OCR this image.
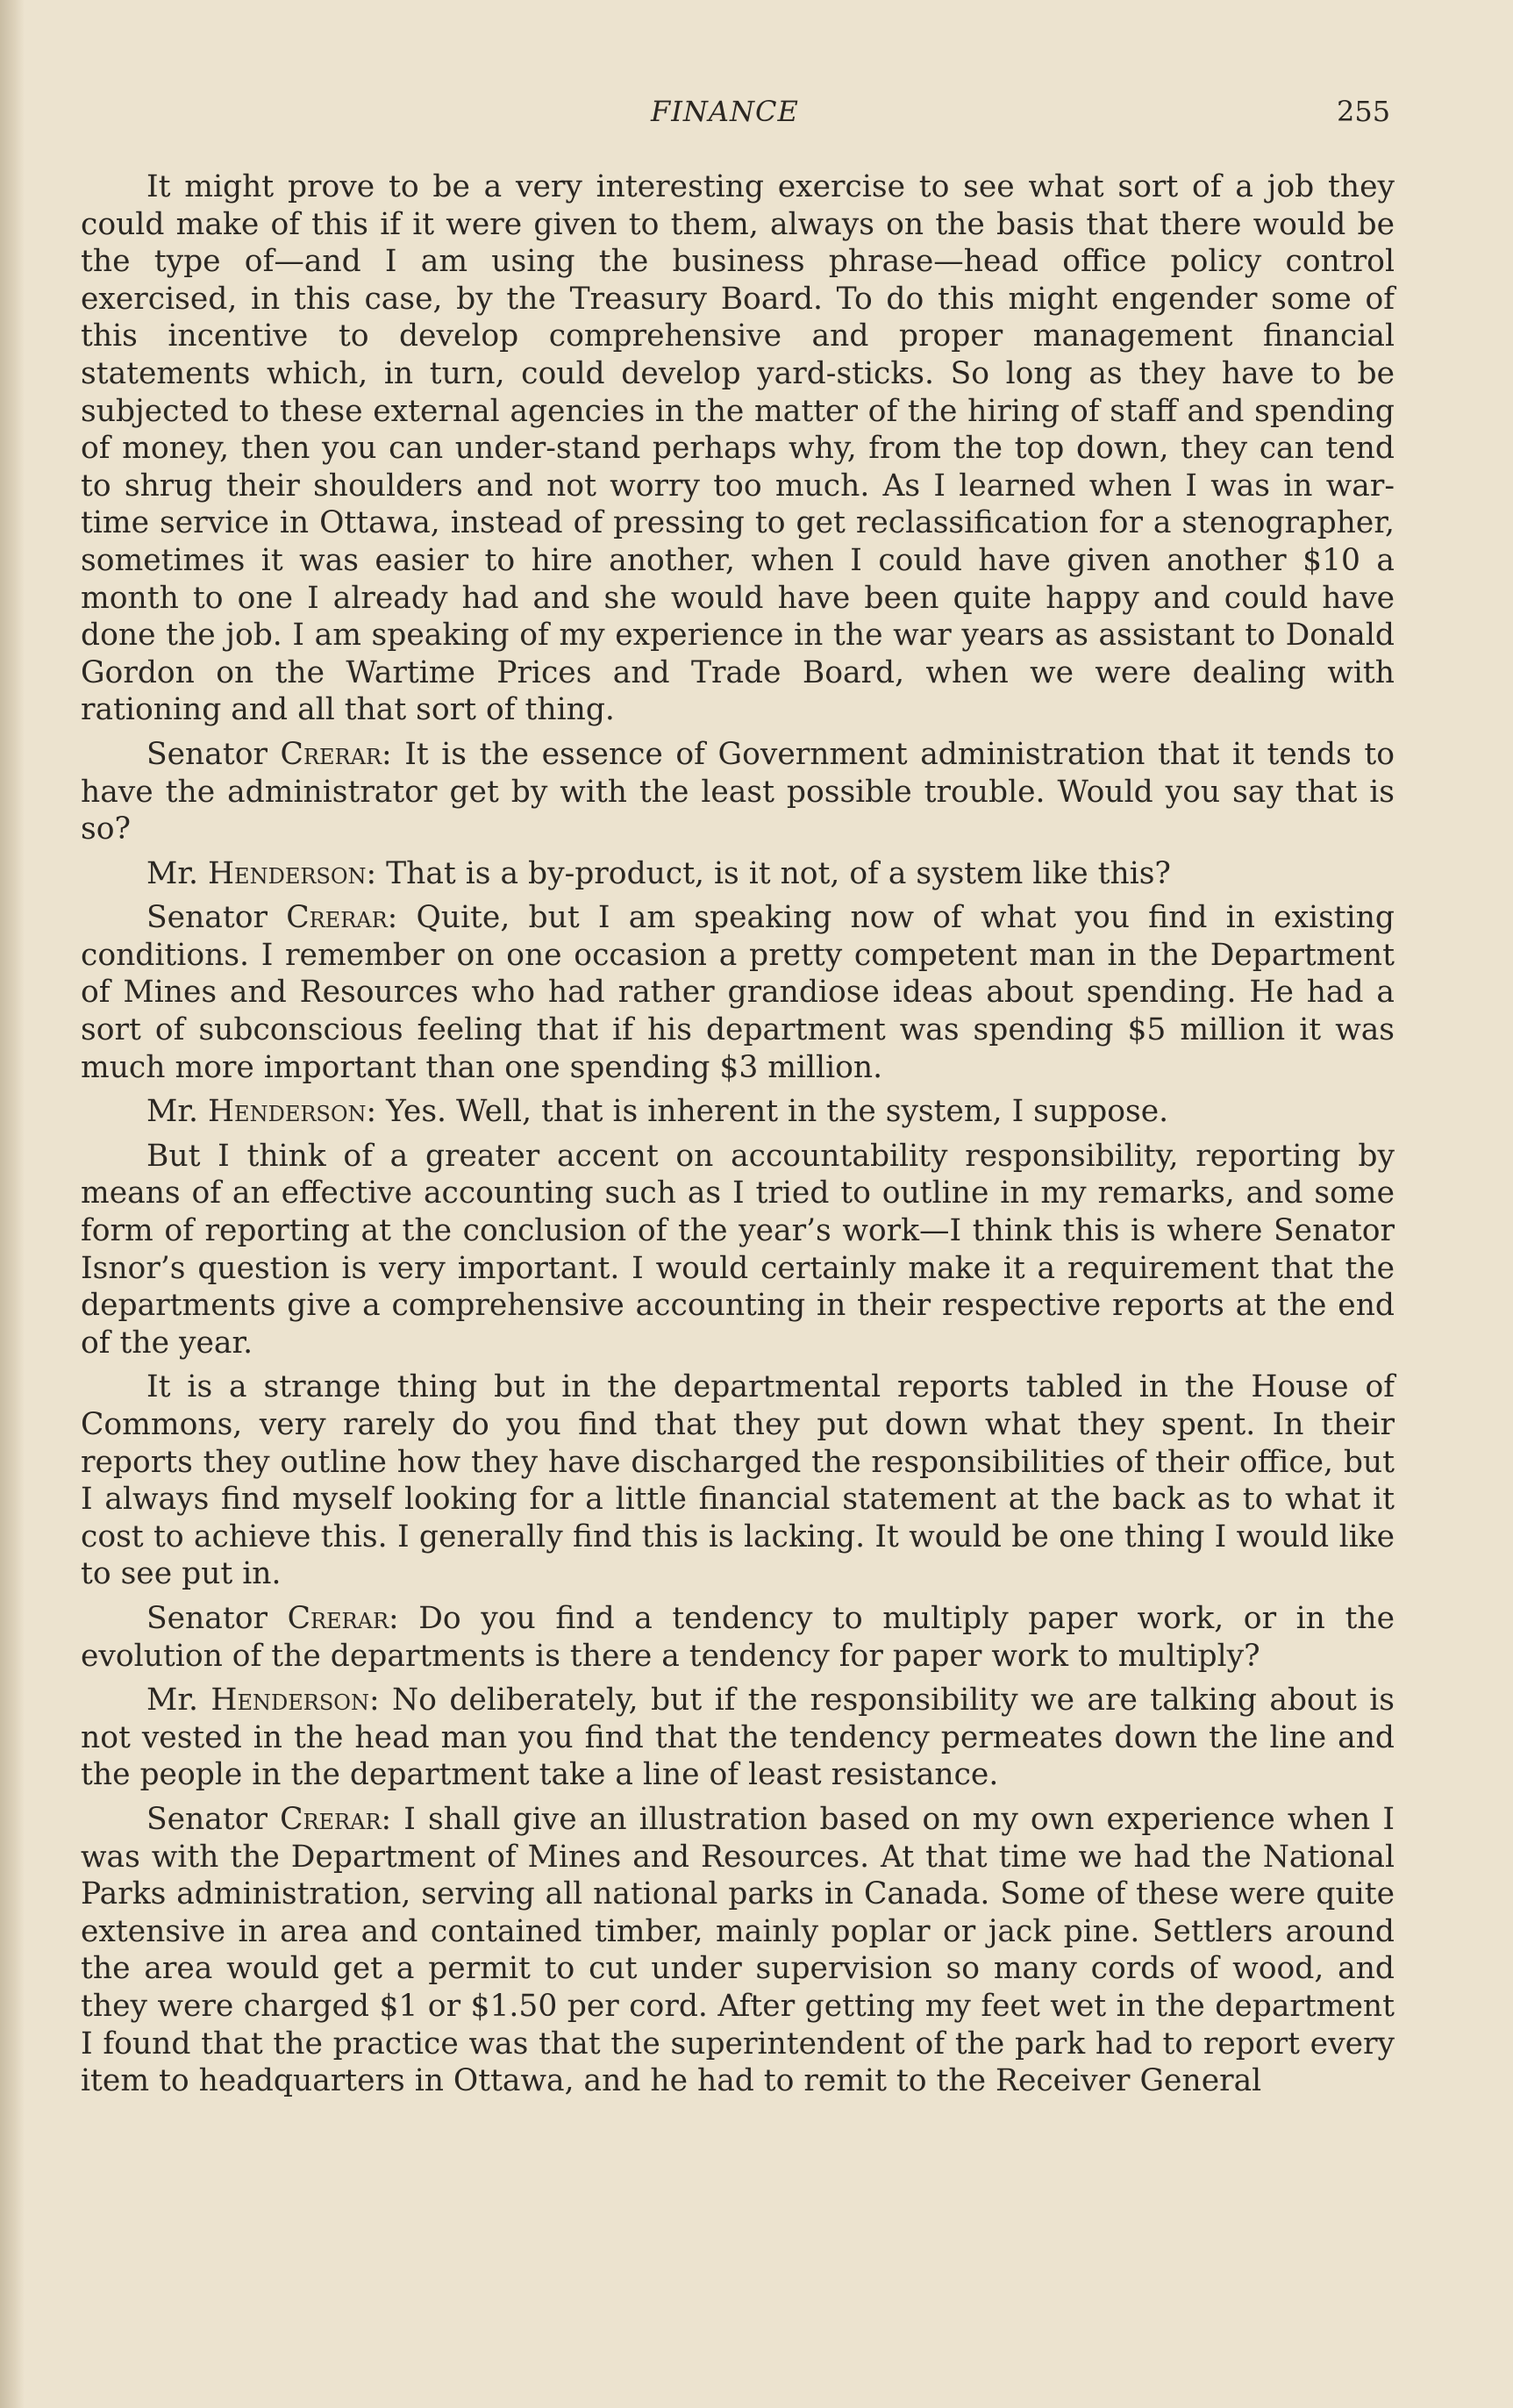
FINANCE	255

It might prove to be a very interesting exercise to see what sort of a job they could make of this if it were given to them, always on the basis that there would be the type of—and I am using the business phrase—head office policy control exercised, in this case, by the Treasury Board. To do this might engender some of this incentive to develop comprehensive and proper management financial statements which, in turn, could develop yard-sticks. So long as they have to be subjected to these external agencies in the matter of the hiring of staff and spending of money, then you can under-stand perhaps why, from the top down, they can tend to shrug their shoulders and not worry too much. As I learned when I was in war-time service in Ottawa, instead of pressing to get reclassification for a stenographer, sometimes it was easier to hire another, when I could have given another $10 a month to one I already had and she would have been quite happy and could have done the job. I am speaking of my experience in the war years as assistant to Donald Gordon on the Wartime Prices and Trade Board, when we were dealing with rationing and all that sort of thing.

Senator Crerar: It is the essence of Government administration that it tends to have the administrator get by with the least possible trouble. Would you say that is so?

Mr. Henderson: That is a by-product, is it not, of a system like this?

Senator Crerar: Quite, but I am speaking now of what you find in existing conditions. I remember on one occasion a pretty competent man in the Department of Mines and Resources who had rather grandiose ideas about spending. He had a sort of subconscious feeling that if his department was spending $5 million it was much more important than one spending $3 million.

Mr. Henderson: Yes. Well, that is inherent in the system, I suppose.

But I think of a greater accent on accountability responsibility, reporting by means of an effective accounting such as I tried to outline in my remarks, and some form of reporting at the conclusion of the year’s work—I think this is where Senator Isnor’s question is very important. I would certainly make it a requirement that the departments give a comprehensive accounting in their respective reports at the end of the year.

It is a strange thing but in the departmental reports tabled in the House of Commons, very rarely do you find that they put down what they spent. In their reports they outline how they have discharged the responsibilities of their office, but I always find myself looking for a little financial statement at the back as to what it cost to achieve this. I generally find this is lacking. It would be one thing I would like to see put in.

Senator Crerar: Do you find a tendency to multiply paper work, or in the evolution of the departments is there a tendency for paper work to multiply?

Mr. Henderson: No deliberately, but if the responsibility we are talking about is not vested in the head man you find that the tendency permeates down the line and the people in the department take a line of least resistance.

Senator Crerar: I shall give an illustration based on my own experience when I was with the Department of Mines and Resources. At that time we had the National Parks administration, serving all national parks in Canada. Some of these were quite extensive in area and contained timber, mainly poplar or jack pine. Settlers around the area would get a permit to cut under supervision so many cords of wood, and they were charged $1 or $1.50 per cord. After getting my feet wet in the department I found that the practice was that the superintendent of the park had to report every item to headquarters in Ottawa, and he had to remit to the Receiver General
